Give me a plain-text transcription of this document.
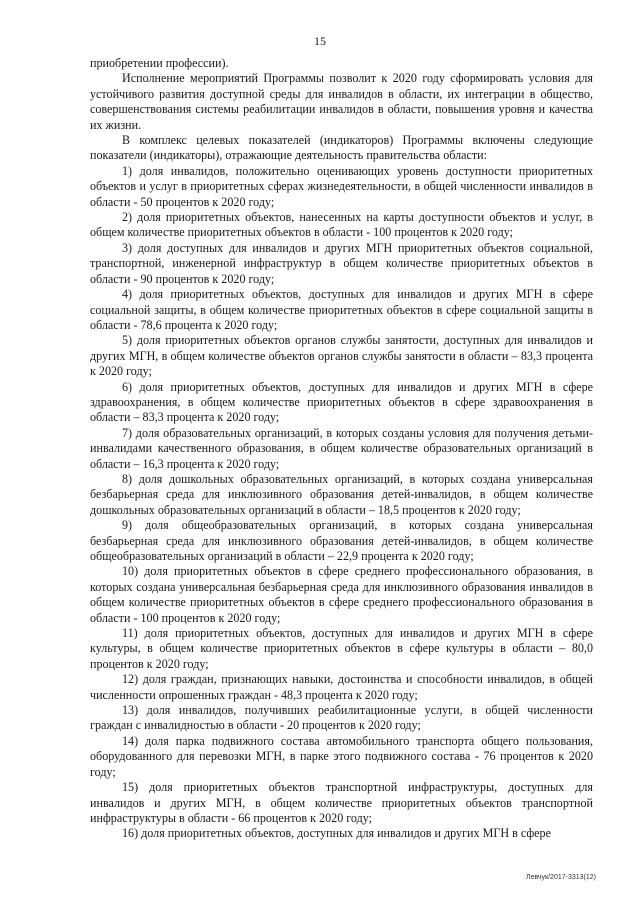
15

приобретении профессии).

Исполнение мероприятий Программы позволит к 2020 году сформировать условия для устойчивого развития доступной среды для инвалидов в области, их интеграции в общество, совершенствования системы реабилитации инвалидов в области, повышения уровня и качества их жизни.

В комплекс целевых показателей (индикаторов) Программы включены следующие показатели (индикаторы), отражающие деятельность правительства области:

1) доля инвалидов, положительно оценивающих уровень доступности приоритетных объектов и услуг в приоритетных сферах жизнедеятельности, в общей численности инвалидов в области - 50 процентов к 2020 году;

2) доля приоритетных объектов, нанесенных на карты доступности объектов и услуг, в общем количестве приоритетных объектов в области - 100 процентов к 2020 году;

3) доля доступных для инвалидов и других МГН приоритетных объектов социальной, транспортной, инженерной инфраструктур в общем количестве приоритетных объектов в области - 90 процентов к 2020 году;

4) доля приоритетных объектов, доступных для инвалидов и других МГН в сфере социальной защиты, в общем количестве приоритетных объектов в сфере социальной защиты в области - 78,6 процента к 2020 году;

5) доля приоритетных объектов органов службы занятости, доступных для инвалидов и других МГН, в общем количестве объектов органов службы занятости в области – 83,3 процента к 2020 году;

6) доля приоритетных объектов, доступных для инвалидов и других МГН в сфере здравоохранения, в общем количестве приоритетных объектов в сфере здравоохранения в области – 83,3 процента к 2020 году;

7) доля образовательных организаций, в которых созданы условия для получения детьми-инвалидами качественного образования, в общем количестве образовательных организаций в области – 16,3 процента к 2020 году;

8) доля дошкольных образовательных организаций, в которых создана универсальная безбарьерная среда для инклюзивного образования детей-инвалидов, в общем количестве дошкольных образовательных организаций в области – 18,5 процентов к 2020 году;

9) доля общеобразовательных организаций, в которых создана универсальная безбарьерная среда для инклюзивного образования детей-инвалидов, в общем количестве общеобразовательных организаций в области – 22,9 процента к 2020 году;

10) доля приоритетных объектов в сфере среднего профессионального образования, в которых создана универсальная безбарьерная среда для инклюзивного образования инвалидов в общем количестве приоритетных объектов в сфере среднего профессионального образования в области - 100 процентов к 2020 году;

11) доля приоритетных объектов, доступных для инвалидов и других МГН в сфере культуры, в общем количестве приоритетных объектов в сфере культуры в области – 80,0 процентов к 2020 году;

12) доля граждан, признающих навыки, достоинства и способности инвалидов, в общей численности опрошенных граждан - 48,3 процента к 2020 году;

13) доля инвалидов, получивших реабилитационные услуги, в общей численности граждан с инвалидностью в области - 20 процентов к 2020 году;

14) доля парка подвижного состава автомобильного транспорта общего пользования, оборудованного для перевозки МГН, в парке этого подвижного состава - 76 процентов к 2020 году;

15) доля приоритетных объектов транспортной инфраструктуры, доступных для инвалидов и других МГН, в общем количестве приоритетных объектов транспортной инфраструктуры в области - 66 процентов к 2020 году;

16) доля приоритетных объектов, доступных для инвалидов и других МГН в сфере

Левчук/2017-3313(12)
